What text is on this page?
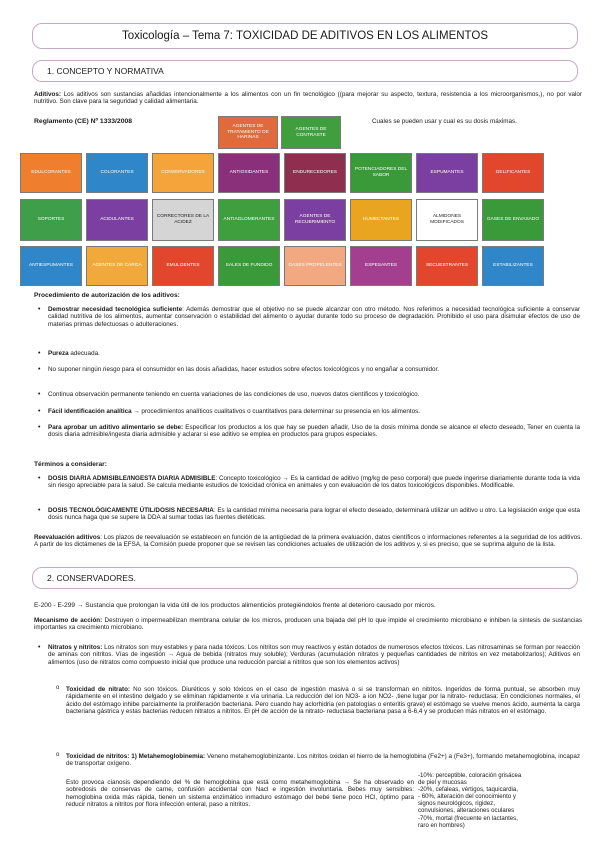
Toxicología – Tema 7: TOXICIDAD DE ADITIVOS EN LOS ALIMENTOS
1. CONCEPTO Y NORMATIVA
Aditivos: Los aditivos son sustancias añadidas intencionalmente a los alimentos con un fin tecnológico ((para mejorar su aspecto, textura, resistencia a los microorganismos,), no por valor nutritivo. Son clave para la seguridad y calidad alimentaria.
Reglamento (CE) Nº 1333/2008	Cuales se pueden usar y cual es su dosis máximas.
AGENTES DE TRATAMIENTO DE HARINAS
AGENTES DE CONTRASTE
EDULCORANTES	COLORANTES	CONSERVADORES	ANTIOXIDANTES	ENDURECEDORES
POTENCIADORES DEL SABOR
ESPUMANTES	GELIFICANTES
SOPORTES	ACIDULANTES
CORRECTORES DE LA ACIDEZ
ANTIAGLOMERANTES
AGENTES DE RECUBRIMIENTO
HUMECTANTES
ALMIDONES MODIFICADOS
GASES DE ENVASADO
ANTIESPUMANTES	AGENTES DE CARGA	EMULGENTES	SALES DE FUNDIDO	GASES PROPELENTES	ESPESANTES	SECUESTRANTES	ESTABILIZANTES
Procedimiento de autorización de los aditivos:
• Demostrar necesidad tecnológica suficiente: Además demostrar que el objetivo no se puede alcanzar con otro método. Nos referimos a necesidad tecnológica suficiente a conservar calidad nutritiva de los alimentos, aumentar conservación o estabilidad del alimento o ayudar durante todo su proceso de degradación. Prohibido el uso para disimular efectos de uso de materias primas defectuosas o adulteraciones.
• Pureza adecuada.
• No suponer ningún riesgo para el consumidor en las dosis añadidas, hacer estudios sobre efectos toxicológicos y no engañar a consumidor.
• Continua observación permanente teniendo en cuenta variaciones de las condiciones de uso, nuevos datos científicos y toxicológico.
• Fácil identificación analítica → procedimientos analíticos cualitativos o cuantitativos para determinar su presencia en los alimentos.
• Para aprobar un aditivo alimentario se debe: Especificar los productos a los que hay se pueden añadir, Uso de la dosis mínima donde se alcance el efecto deseado, Tener en cuenta la dosis diaria admisible/ingesta diaria admisible y aclarar si ese aditivo se emplea en productos para grupos especiales.
Términos a considerar:
• DOSIS DIARIA ADMISIBLE/INGESTA DIARIA ADMISIBLE: Concepto toxicológico → Es la cantidad de aditivo (mg/kg de peso corporal) que puede ingerirse diariamente durante toda la vida sin riesgo apreciable para la salud. Se calcula mediante estudios de toxicidad crónica en animales y con evaluación de los datos toxicológicos disponibles. Modificable.
• DOSIS TECNOLÓGICAMENTE ÚTIL/DOSIS NECESARIA: Es la cantidad mínima necesaria para lograr el efecto deseado, determinará utilizar un aditivo u otro. La legislación exige que esta dosis nunca haga que se supere la DDA al sumar todas las fuentes dietéticas.
Reevaluación aditivos: Los plazos de reevaluación se establecen en función de la antigüedad de la primera evaluación, datos científicos o informaciones referentes a la seguridad de los aditivos. A partir de los dictámenes de la EFSA, la Comisión puede proponer que se revisen las condiciones actuales de utilización de los aditivos y, si es preciso, que se suprima alguno de la lista.
2. CONSERVADORES.
E-200 - E-299 → Sustancia que prolongan la vida útil de los productos alimenticios protegiéndolos frente al deterioro causado por micros.
Mecanismo de acción: Destruyen o impermeabilizan membrana celular de los micros, producen una bajada del pH lo que impide el crecimiento microbiano e inhiben la síntesis de sustancias importantes xa crecimiento microbiano.
• Nitratos y nitritos: Los nitratos son muy estables y para nada tóxicos. Los nitritos son muy reactivos y están dotados de numerosos efectos tóxicos. Las nitrosaminas se forman por reacción de aminas con nitritos. Vías de ingestión → Agua de bebida (nitratos muy soluble); Verduras (acumulación nitratos y pequeñas cantidades de nitritos en vez metabolizarlos); Aditivos en alimentos (uso de nitratos como compuesto inicial que produce una reducción parcial a nitritos que son los elementos activos)
o Toxicidad de nitrato: No son tóxicos. Diuréticos y solo tóxicos en el caso de ingestión masiva o si se transforman en nitritos. Ingeridos de forma puntual, se absorben muy rápidamente en el intestino delgado y se eliminan rápidamente x vía urinaria. La reducción del ion NO3- a ion NO2- ,tiene lugar por la nitrato- reductasa: En condiciones normales, el ácido del estómago inhibe parcialmente la proliferación bacteriana. Pero cuando hay aclorhidria (en patologías o enteritis grave) el estómago se vuelve menos ácido, aumenta la carga bacteriana gástrica y estas bacterias reducen nitratos a nitritos. El pH de acción de la nitrato- reductasa bacteriana pasa a 6-6,4 y se producen más nitratos en el estómago.
o Toxicidad de nitritos: 1) Metahemoglobinemia: Veneno metahemoglobinizante. Los nitritos oxidan el hierro de la hemoglobina (Fe2+) a (Fe3+), formando metahemoglobina, incapaz de transportar oxígeno.
Esto provoca cianosis dependiendo del % de hemoglobina que está como metahemoglobina → Se ha observado en sobredosis de conservas de carne, confusión accidental con Nacl e ingestión involuntaria. Bebes muy sensibles: hemoglobina oxida más rápida, tienen un sistema enzimático inmaduro estómago del bebé tiene poco HCl, óptimo para reducir nitratos a nitritos por flora infección enteral, paso a nitritos.
-10%: perceptible, coloración grisácea
de piel y mucosas
-20%, cefaleas, vértigos, taquicardia,
- 60%, alteración del conocimiento y
signos neurológicos, rigidez,
convulsiones, alteraciones oculares
-70%, mortal (frecuente en lactantes,
raro en hombres)
